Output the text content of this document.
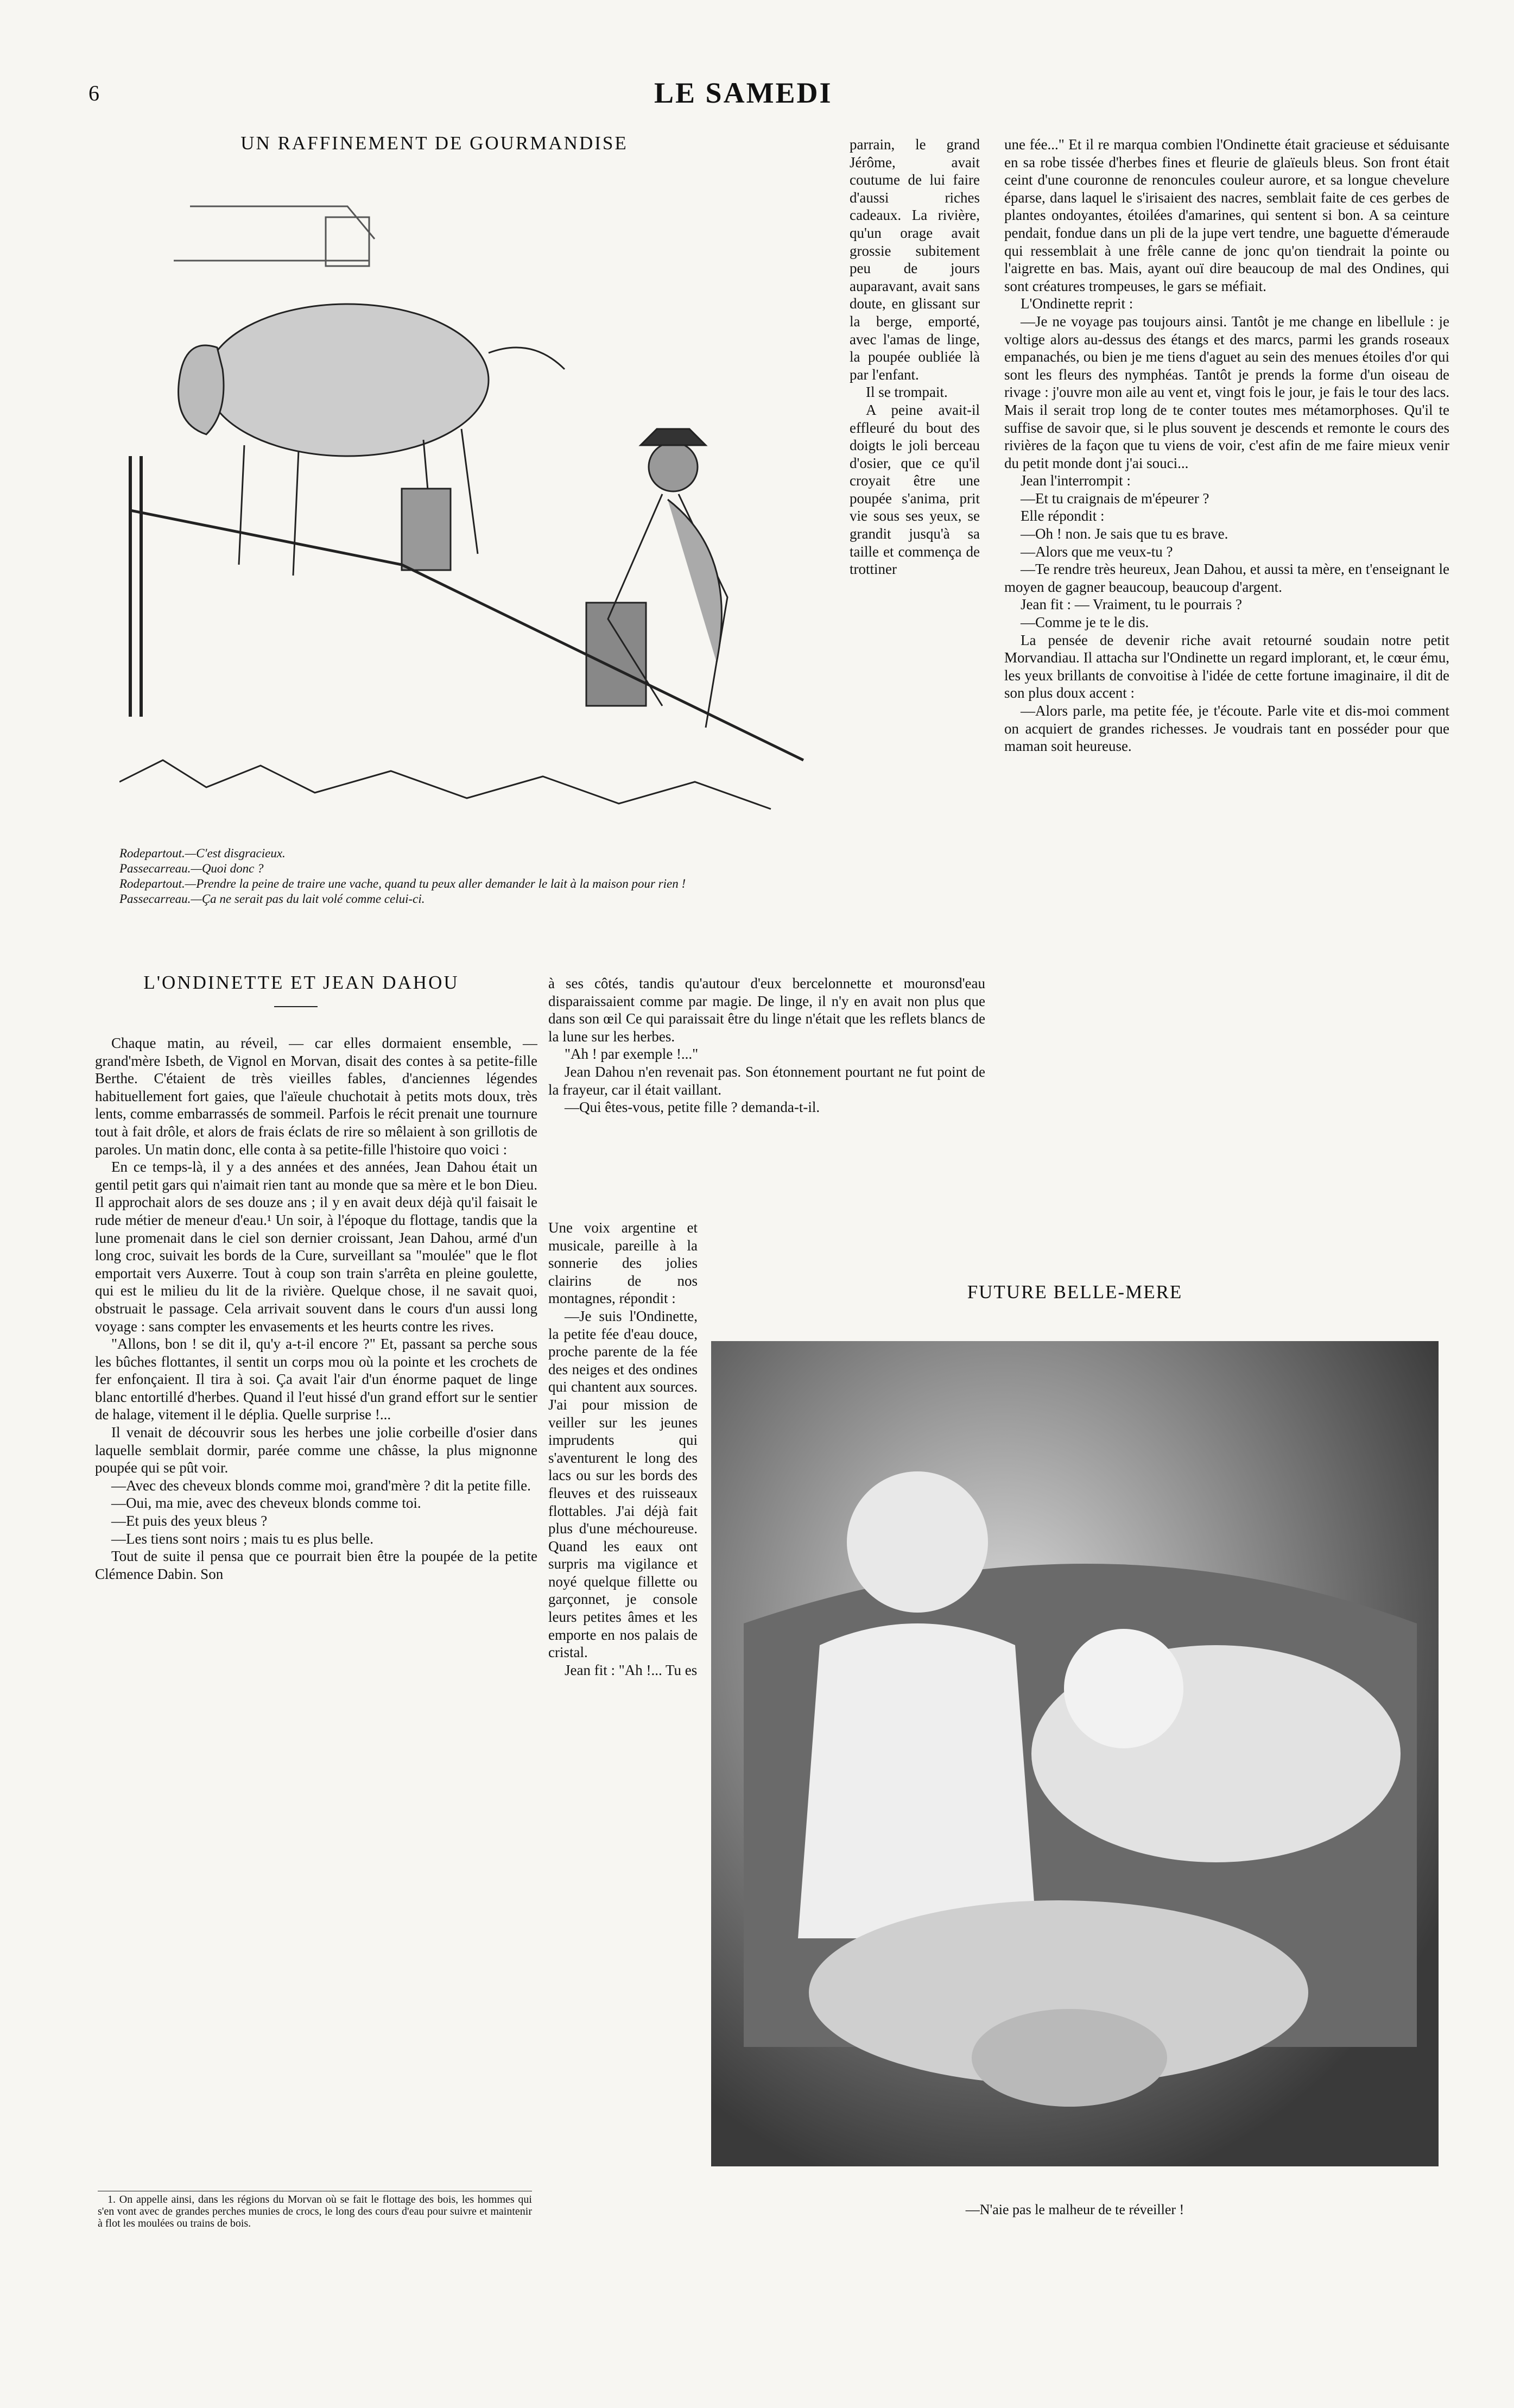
6	LE SAMEDI
UN RAFFINEMENT DE GOURMANDISE

Rodepartout.—C'est disgracieux.

Passecarreau.—Quoi donc ?

Rodepartout.—Prendre la peine de traire une vache, quand tu peux aller demander le lait à la maison pour rien !

Passecarreau.—Ça ne serait pas du lait volé comme celui-ci.

L'ONDINETTE ET JEAN DAHOU

Chaque matin, au réveil, — car elles dormaient ensemble, — grand'mère Isbeth, de Vignol en Morvan, disait des contes à sa petite-fille Berthe. C'étaient de très vieilles fables, d'anciennes légendes habituellement fort gaies, que l'aïeule chuchotait à petits mots doux, très lents, comme embarrassés de sommeil. Parfois le récit prenait une tournure tout à fait drôle, et alors de frais éclats de rire so mêlaient à son grillotis de paroles. Un matin donc, elle conta à sa petite-fille l'histoire quo voici :

En ce temps-là, il y a des années et des années, Jean Dahou était un gentil petit gars qui n'aimait rien tant au monde que sa mère et le bon Dieu. Il approchait alors de ses douze ans ; il y en avait deux déjà qu'il faisait le rude métier de meneur d'eau.¹ Un soir, à l'époque du flottage, tandis que la lune promenait dans le ciel son dernier croissant, Jean Dahou, armé d'un long croc, suivait les bords de la Cure, surveillant sa "moulée" que le flot emportait vers Auxerre. Tout à coup son train s'arrêta en pleine goulette, qui est le milieu du lit de la rivière. Quelque chose, il ne savait quoi, obstruait le passage. Cela arrivait souvent dans le cours d'un aussi long voyage : sans compter les envasements et les heurts contre les rives.

"Allons, bon ! se dit il, qu'y a-t-il encore ?" Et, passant sa perche sous les bûches flottantes, il sentit un corps mou où la pointe et les crochets de fer enfonçaient. Il tira à soi. Ça avait l'air d'un énorme paquet de linge blanc entortillé d'herbes. Quand il l'eut hissé d'un grand effort sur le sentier de halage, vitement il le déplia. Quelle surprise !...

Il venait de découvrir sous les herbes une jolie corbeille d'osier dans laquelle semblait dormir, parée comme une châsse, la plus mignonne poupée qui se pût voir.

—Avec des cheveux blonds comme moi, grand'mère ? dit la petite fille.

—Oui, ma mie, avec des cheveux blonds comme toi.

—Et puis des yeux bleus ?

—Les tiens sont noirs ; mais tu es plus belle.

Tout de suite il pensa que ce pourrait bien être la poupée de la petite Clémence Dabin. Son

1. On appelle ainsi, dans les régions du Morvan où se fait le flottage des bois, les hommes qui s'en vont avec de grandes perches munies de crocs, le long des cours d'eau pour suivre et maintenir à flot les moulées ou trains de bois.

parrain, le grand Jérôme, avait coutume de lui faire d'aussi riches cadeaux. La rivière, qu'un orage avait grossie subitement peu de jours auparavant, avait sans doute, en glissant sur la berge, emporté, avec l'amas de linge, la poupée oubliée là par l'enfant.

Il se trompait.

A peine avait-il effleuré du bout des doigts le joli berceau d'osier, que ce qu'il croyait être une poupée s'anima, prit vie sous ses yeux, se grandit jusqu'à sa taille et commença de trottiner

à ses côtés, tandis qu'autour d'eux bercelonnette et mouronsd'eau disparaissaient comme par magie. De linge, il n'y en avait non plus que dans son œil Ce qui paraissait être du linge n'était que les reflets blancs de la lune sur les herbes.

"Ah ! par exemple !..."

Jean Dahou n'en revenait pas. Son étonnement pourtant ne fut point de la frayeur, car il était vaillant.

—Qui êtes-vous, petite fille ? demanda-t-il.

Une voix argentine et musicale, pareille à la sonnerie des jolies clairins de nos montagnes, répondit :

—Je suis l'Ondinette, la petite fée d'eau douce, proche parente de la fée des neiges et des ondines qui chantent aux sources. J'ai pour mission de veiller sur les jeunes imprudents qui s'aventurent le long des lacs ou sur les bords des fleuves et des ruisseaux flottables. J'ai déjà fait plus d'une méchoureuse. Quand les eaux ont surpris ma vigilance et noyé quelque fillette ou garçonnet, je console leurs petites âmes et les emporte en nos palais de cristal.

Jean fit : "Ah !... Tu es

une fée..." Et il re marqua combien l'Ondinette était gracieuse et séduisante en sa robe tissée d'herbes fines et fleurie de glaïeuls bleus. Son front était ceint d'une couronne de renoncules couleur aurore, et sa longue chevelure éparse, dans laquel le s'irisaient des nacres, semblait faite de ces gerbes de plantes ondoyantes, étoilées d'amarines, qui sentent si bon. A sa ceinture pendait, fondue dans un pli de la jupe vert tendre, une baguette d'émeraude qui ressemblait à une frêle canne de jonc qu'on tiendrait la pointe ou l'aigrette en bas. Mais, ayant ouï dire beaucoup de mal des Ondines, qui sont créatures trompeuses, le gars se méfiait.

L'Ondinette reprit :

—Je ne voyage pas toujours ainsi. Tantôt je me change en libellule : je voltige alors au-dessus des étangs et des marcs, parmi les grands roseaux empanachés, ou bien je me tiens d'aguet au sein des menues étoiles d'or qui sont les fleurs des nymphéas. Tantôt je prends la forme d'un oiseau de rivage : j'ouvre mon aile au vent et, vingt fois le jour, je fais le tour des lacs. Mais il serait trop long de te conter toutes mes métamorphoses. Qu'il te suffise de savoir que, si le plus souvent je descends et remonte le cours des rivières de la façon que tu viens de voir, c'est afin de me faire mieux venir du petit monde dont j'ai souci...

Jean l'interrompit :

—Et tu craignais de m'épeurer ?

Elle répondit :

—Oh ! non. Je sais que tu es brave.

—Alors que me veux-tu ?

—Te rendre très heureux, Jean Dahou, et aussi ta mère, en t'enseignant le moyen de gagner beaucoup, beaucoup d'argent.

Jean fit : — Vraiment, tu le pourrais ?

—Comme je te le dis.

La pensée de devenir riche avait retourné soudain notre petit Morvandiau. Il attacha sur l'Ondinette un regard implorant, et, le cœur ému, les yeux brillants de convoitise à l'idée de cette fortune imaginaire, il dit de son plus doux accent :

—Alors parle, ma petite fée, je t'écoute. Parle vite et dis-moi comment on acquiert de grandes richesses. Je voudrais tant en posséder pour que maman soit heureuse.

FUTURE BELLE-MERE
—N'aie pas le malheur de te réveiller !
